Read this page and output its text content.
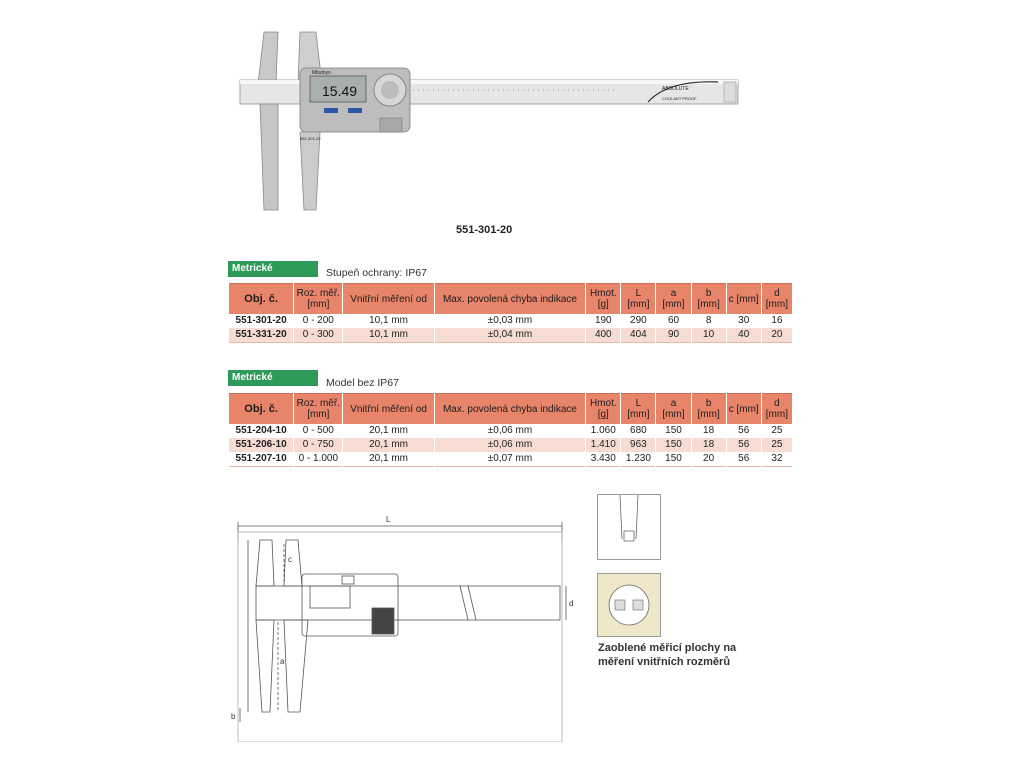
15.49
Mitutoyo
ABSOLUTE
COOLANT PROOF
551-301-20
551-301-20
Metrické	Stupeň ochrany: IP67
Obj. č.	Roz. měř. [mm]	Vnitřní měření od	Max. povolená chyba indikace	Hmot. [g]	L [mm]	a [mm]	b [mm]	c [mm]	d [mm]
551-301-20	0 - 200	10,1 mm	±0,03 mm	190	290	60	8	30	16
551-331-20	0 - 300	10,1 mm	±0,04 mm	400	404	90	10	40	20
Metrické	Model bez IP67
Obj. č.	Roz. měř. [mm]	Vnitřní měření od	Max. povolená chyba indikace	Hmot. [g]	L [mm]	a [mm]	b [mm]	c [mm]	d [mm]
551-204-10	0 - 500	20,1 mm	±0,06 mm	1.060	680	150	18	56	25
551-206-10	0 - 750	20,1 mm	±0,06 mm	1.410	963	150	18	56	25
551-207-10	0 - 1.000	20,1 mm	±0,07 mm	3.430	1.230	150	20	56	32
L
c
a
d
b
Zaoblené měřicí plochy na měření vnitřních rozměrů
